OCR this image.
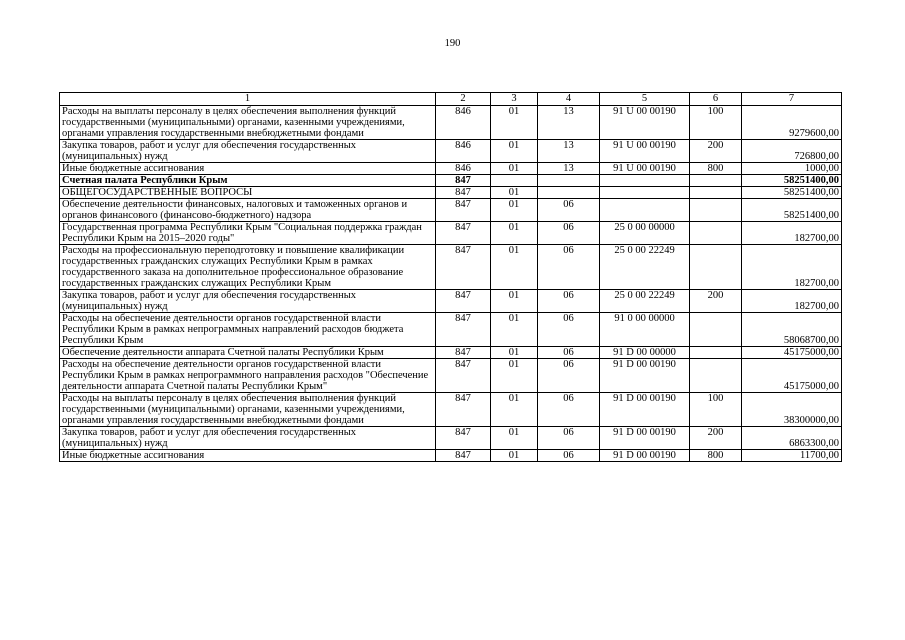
190
1	2	3	4	5	6	7
Расходы на выплаты персоналу в целях обеспечения выполнения функций государственными (муниципальными) органами, казенными учреждениями, органами управления государственными внебюджетными фондами	846	01	13	91 U 00 00190	100	9279600,00
Закупка товаров, работ и услуг для обеспечения государственных (муниципальных) нужд	846	01	13	91 U 00 00190	200	726800,00
Иные бюджетные ассигнования	846	01	13	91 U 00 00190	800	1000,00
Счетная палата Республики Крым	847					58251400,00
ОБЩЕГОСУДАРСТВЕННЫЕ ВОПРОСЫ	847	01				58251400,00
Обеспечение деятельности финансовых, налоговых и таможенных органов и органов финансового (финансово-бюджетного) надзора	847	01	06			58251400,00
Государственная программа Республики Крым "Социальная поддержка граждан Республики Крым на 2015–2020 годы"	847	01	06	25 0 00 00000		182700,00
Расходы на профессиональную переподготовку и повышение квалификации государственных гражданских служащих Республики Крым в рамках государственного заказа на дополнительное профессиональное образование государственных гражданских служащих Республики Крым	847	01	06	25 0 00 22249		182700,00
Закупка товаров, работ и услуг для обеспечения государственных (муниципальных) нужд	847	01	06	25 0 00 22249	200	182700,00
Расходы на обеспечение деятельности органов государственной власти Республики Крым в рамках непрограммных направлений расходов бюджета Республики Крым	847	01	06	91 0 00 00000		58068700,00
Обеспечение деятельности аппарата Счетной палаты Республики Крым	847	01	06	91 D 00 00000		45175000,00
Расходы на обеспечение деятельности органов государственной власти Республики Крым в рамках непрограммного направления расходов "Обеспечение деятельности аппарата Счетной палаты Республики Крым"	847	01	06	91 D 00 00190		45175000,00
Расходы на выплаты персоналу в целях обеспечения выполнения функций государственными (муниципальными) органами, казенными учреждениями, органами управления государственными внебюджетными фондами	847	01	06	91 D 00 00190	100	38300000,00
Закупка товаров, работ и услуг для обеспечения государственных (муниципальных) нужд	847	01	06	91 D 00 00190	200	6863300,00
Иные бюджетные ассигнования	847	01	06	91 D 00 00190	800	11700,00
